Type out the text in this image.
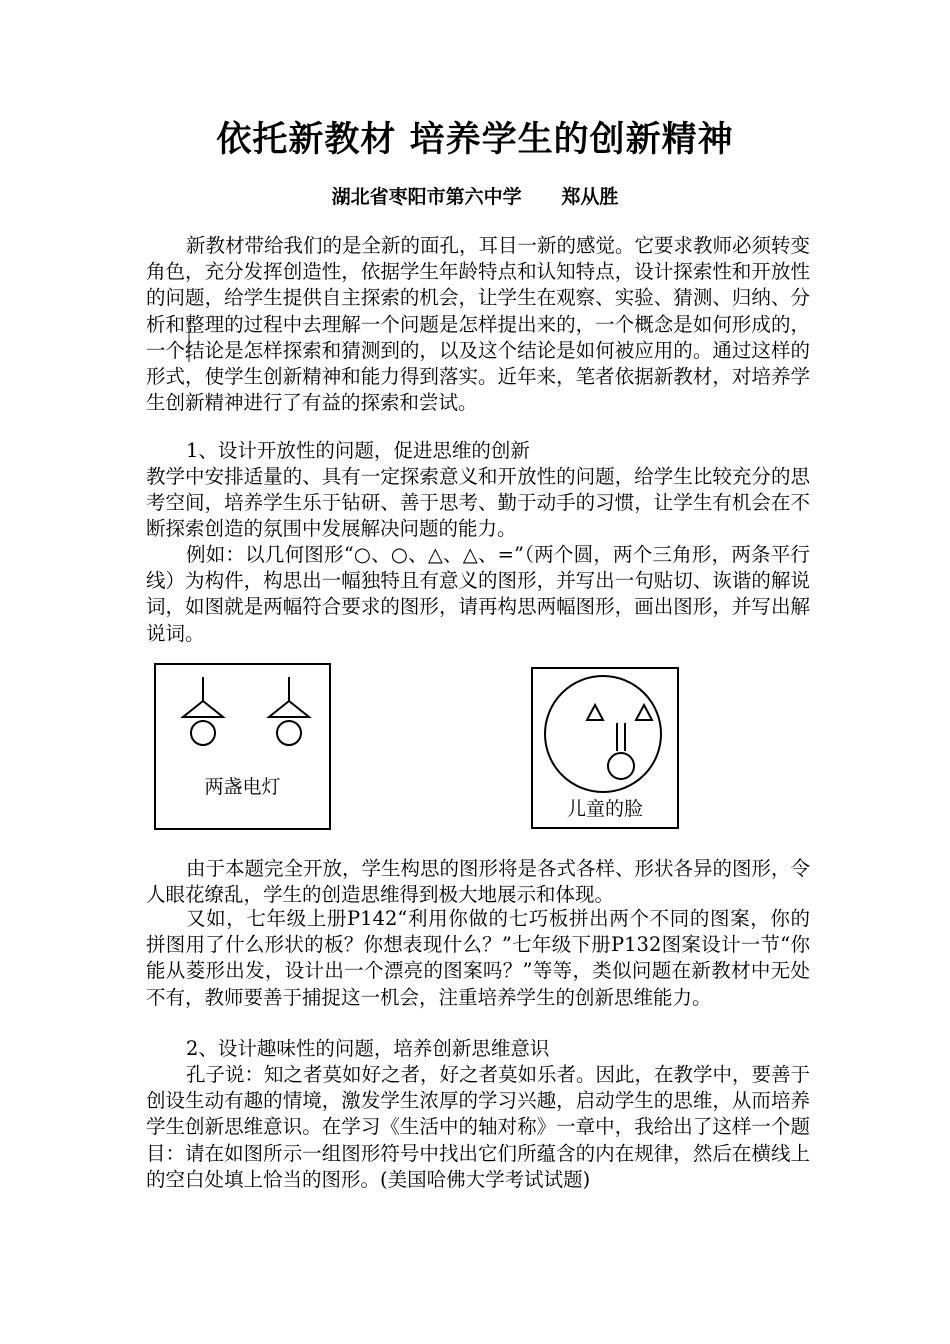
依托新教材 培养学生的创新精神
湖北省枣阳市第六中学      郑从胜
新教材带给我们的是全新的面孔，耳目一新的感觉。它要求教师必须转变角色，充分发挥创造性，依据学生年龄特点和认知特点，设计探索性和开放性的问题，给学生提供自主探索的机会，让学生在观察、实验、猜测、归纳、分析和整理的过程中去理解一个问题是怎样提出来的，一个概念是如何形成的，一个结论是怎样探索和猜测到的，以及这个结论是如何被应用的。通过这样的形式，使学生创新精神和能力得到落实。近年来，笔者依据新教材，对培养学生创新精神进行了有益的探索和尝试。
1、设计开放性的问题，促进思维的创新
教学中安排适量的、具有一定探索意义和开放性的问题，给学生比较充分的思考空间，培养学生乐于钻研、善于思考、勤于动手的习惯，让学生有机会在不断探索创造的氛围中发展解决问题的能力。
例如：以几何图形“○、○、△、△、=”（两个圆，两个三角形，两条平行线）为构件，构思出一幅独特且有意义的图形，并写出一句贴切、诙谐的解说词，如图就是两幅符合要求的图形，请再构思两幅图形，画出图形，并写出解说词。
两盏电灯
儿童的脸
由于本题完全开放，学生构思的图形将是各式各样、形状各异的图形，令人眼花缭乱，学生的创造思维得到极大地展示和体现。
又如，七年级上册P142“利用你做的七巧板拼出两个不同的图案，你的拼图用了什么形状的板？你想表现什么？”七年级下册P132图案设计一节“你能从菱形出发，设计出一个漂亮的图案吗？”等等，类似问题在新教材中无处不有，教师要善于捕捉这一机会，注重培养学生的创新思维能力。
2、设计趣味性的问题，培养创新思维意识
孔子说：知之者莫如好之者，好之者莫如乐者。因此，在教学中，要善于创设生动有趣的情境，激发学生浓厚的学习兴趣，启动学生的思维，从而培养学生创新思维意识。在学习《生活中的轴对称》一章中，我给出了这样一个题目：请在如图所示一组图形符号中找出它们所蕴含的内在规律，然后在横线上的空白处填上恰当的图形。(美国哈佛大学考试试题)
